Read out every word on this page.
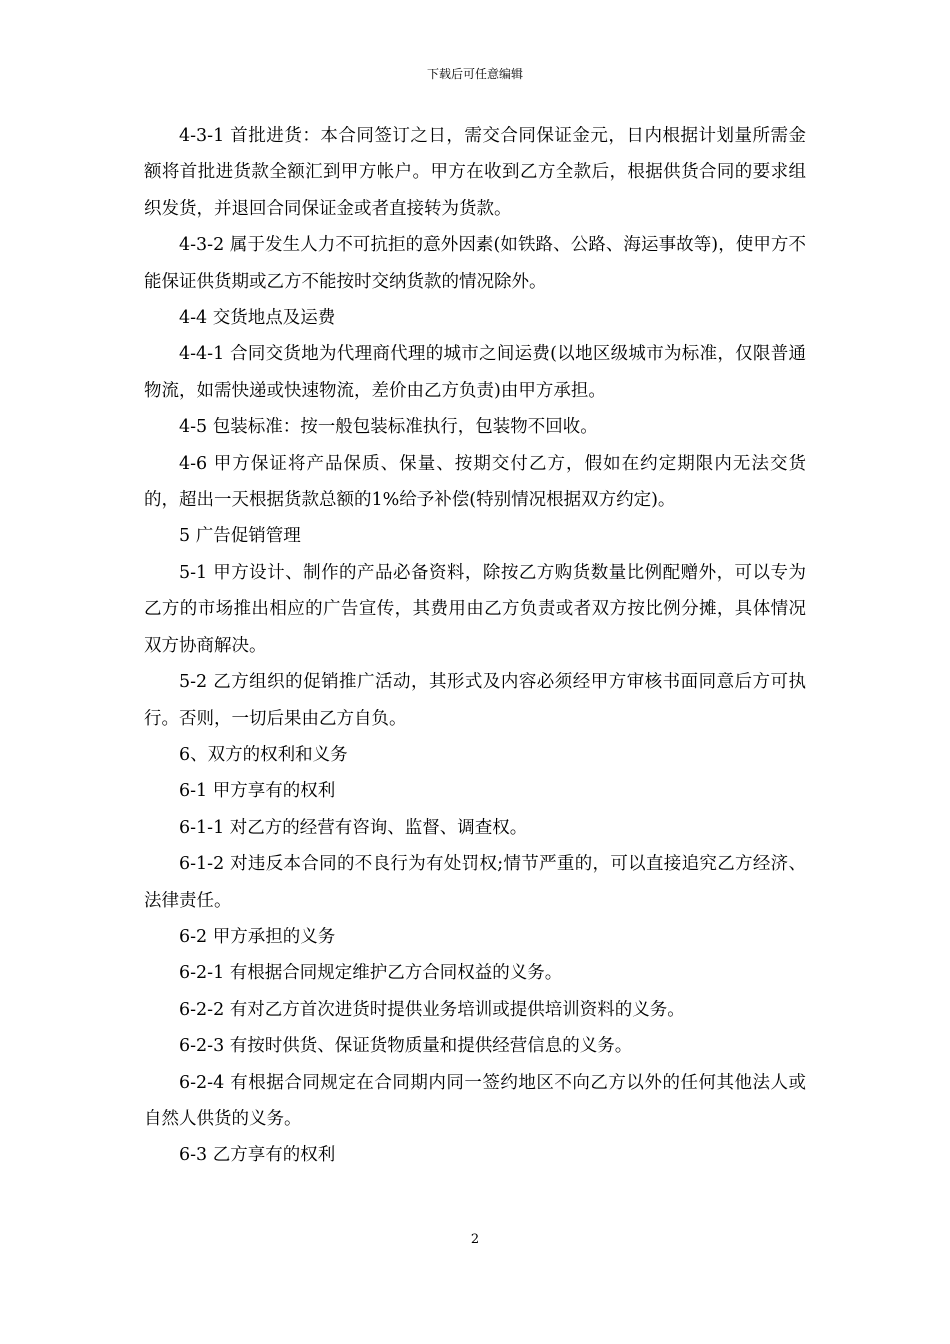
下载后可任意编辑

4-3-1 首批进货：本合同签订之日，需交合同保证金元，日内根据计划量所需金额将首批进货款全额汇到甲方帐户。甲方在收到乙方全款后，根据供货合同的要求组织发货，并退回合同保证金或者直接转为货款。

4-3-2 属于发生人力不可抗拒的意外因素(如铁路、公路、海运事故等)，使甲方不能保证供货期或乙方不能按时交纳货款的情况除外。

4-4 交货地点及运费

4-4-1 合同交货地为代理商代理的城市之间运费(以地区级城市为标准，仅限普通物流，如需快递或快速物流，差价由乙方负责)由甲方承担。

4-5 包装标准：按一般包装标准执行，包装物不回收。

4-6 甲方保证将产品保质、保量、按期交付乙方，假如在约定期限内无法交货的，超出一天根据货款总额的1%给予补偿(特别情况根据双方约定)。

5 广告促销管理

5-1 甲方设计、制作的产品必备资料，除按乙方购货数量比例配赠外，可以专为乙方的市场推出相应的广告宣传，其费用由乙方负责或者双方按比例分摊，具体情况双方协商解决。

5-2 乙方组织的促销推广活动，其形式及内容必须经甲方审核书面同意后方可执行。否则，一切后果由乙方自负。

6、双方的权利和义务

6-1 甲方享有的权利

6-1-1 对乙方的经营有咨询、监督、调查权。

6-1-2 对违反本合同的不良行为有处罚权;情节严重的，可以直接追究乙方经济、法律责任。

6-2 甲方承担的义务

6-2-1 有根据合同规定维护乙方合同权益的义务。

6-2-2 有对乙方首次进货时提供业务培训或提供培训资料的义务。

6-2-3 有按时供货、保证货物质量和提供经营信息的义务。

6-2-4 有根据合同规定在合同期内同一签约地区不向乙方以外的任何其他法人或自然人供货的义务。

6-3 乙方享有的权利

2
